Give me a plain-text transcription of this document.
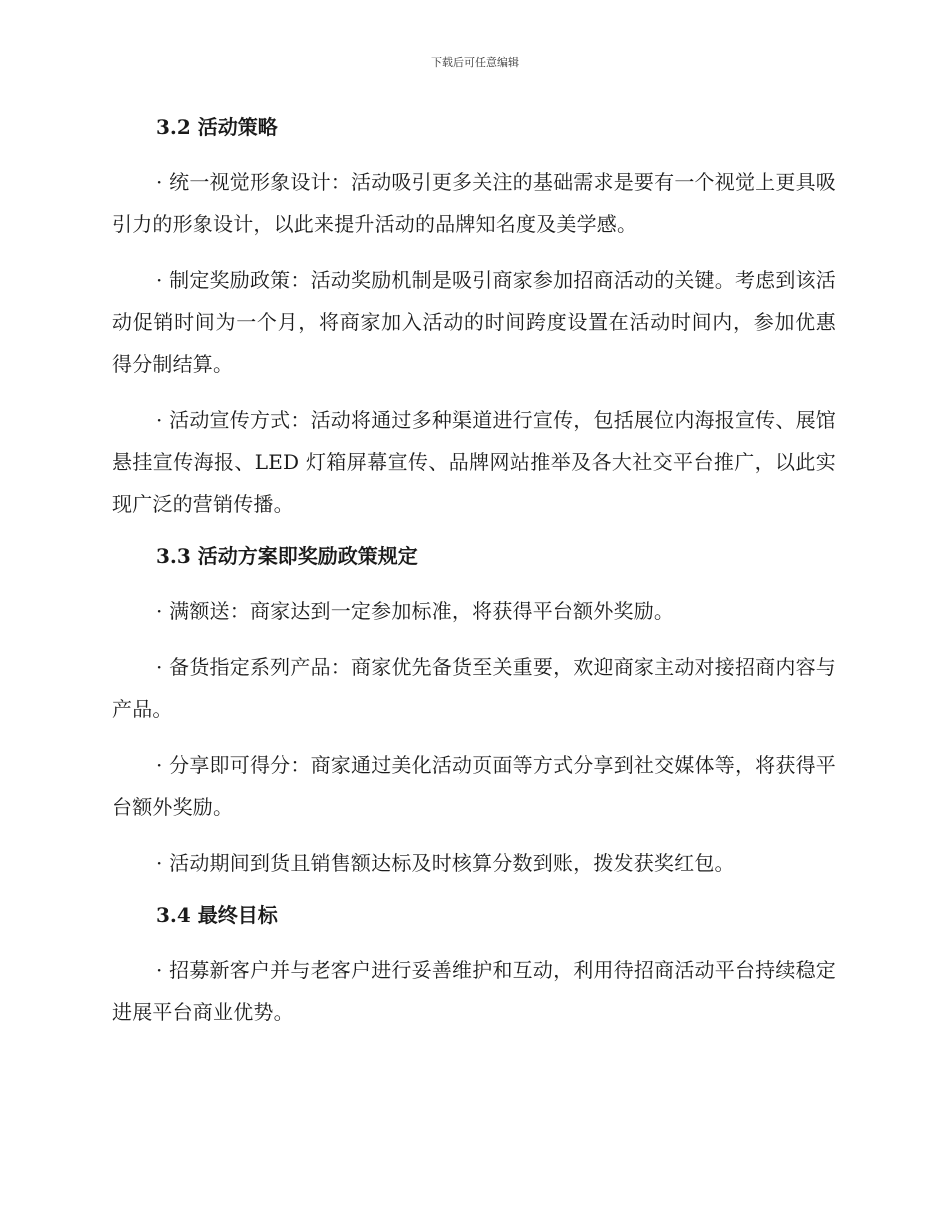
下载后可任意编辑
3.2 活动策略

· 统一视觉形象设计：活动吸引更多关注的基础需求是要有一个视觉上更具吸引力的形象设计，以此来提升活动的品牌知名度及美学感。

· 制定奖励政策：活动奖励机制是吸引商家参加招商活动的关键。考虑到该活动促销时间为一个月，将商家加入活动的时间跨度设置在活动时间内，参加优惠得分制结算。

· 活动宣传方式：活动将通过多种渠道进行宣传，包括展位内海报宣传、展馆悬挂宣传海报、LED 灯箱屏幕宣传、品牌网站推举及各大社交平台推广，以此实现广泛的营销传播。

3.3 活动方案即奖励政策规定

· 满额送：商家达到一定参加标准，将获得平台额外奖励。

· 备货指定系列产品：商家优先备货至关重要，欢迎商家主动对接招商内容与产品。

· 分享即可得分：商家通过美化活动页面等方式分享到社交媒体等，将获得平台额外奖励。

· 活动期间到货且销售额达标及时核算分数到账，拨发获奖红包。

3.4 最终目标

· 招募新客户并与老客户进行妥善维护和互动，利用待招商活动平台持续稳定进展平台商业优势。
